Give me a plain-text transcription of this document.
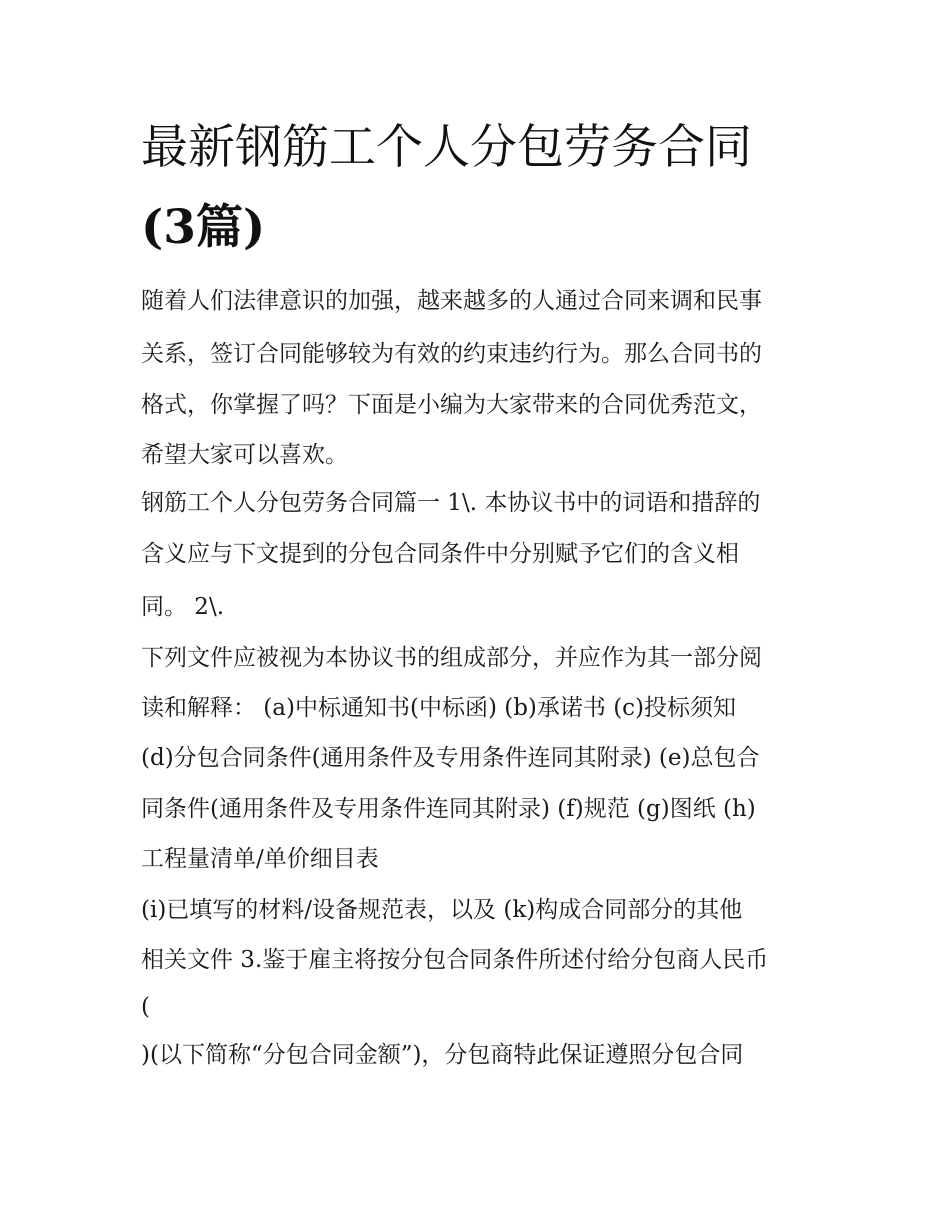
最新钢筋工个人分包劳务合同
(3篇)
随着人们法律意识的加强，越来越多的人通过合同来调和民事
关系，签订合同能够较为有效的约束违约行为。那么合同书的
格式，你掌握了吗？下面是小编为大家带来的合同优秀范文，
希望大家可以喜欢。
钢筋工个人分包劳务合同篇一 1\. 本协议书中的词语和措辞的
含义应与下文提到的分包合同条件中分别赋予它们的含义相
同。 2\.
下列文件应被视为本协议书的组成部分，并应作为其一部分阅
读和解释： (a)中标通知书(中标函) (b)承诺书 (c)投标须知
(d)分包合同条件(通用条件及专用条件连同其附录) (e)总包合
同条件(通用条件及专用条件连同其附录) (f)规范 (g)图纸 (h)
工程量清单/单价细目表
(i)已填写的材料/设备规范表，以及 (k)构成合同部分的其他
相关文件 3.鉴于雇主将按分包合同条件所述付给分包商人民币
(
)(以下简称“分包合同金额”)，分包商特此保证遵照分包合同
